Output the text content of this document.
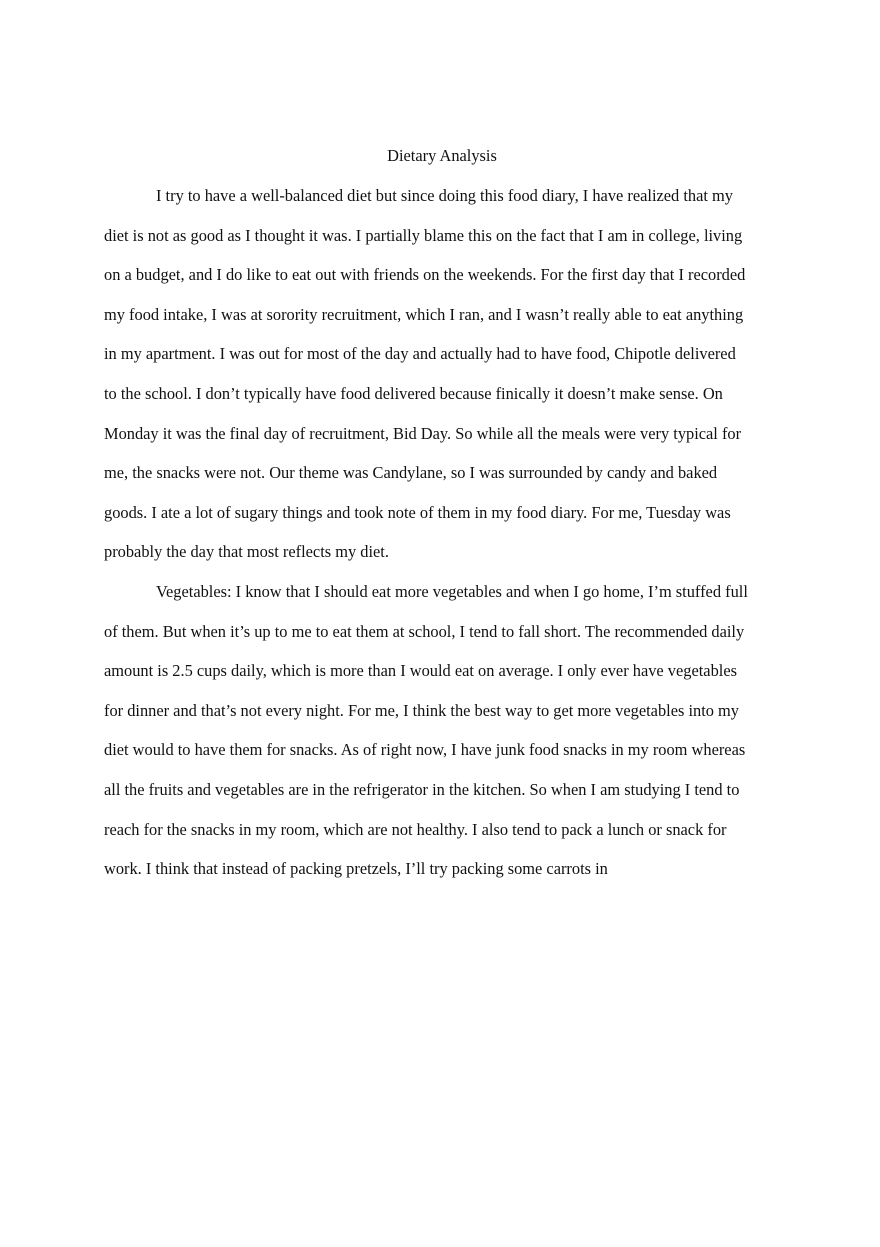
Dietary Analysis
I try to have a well-balanced diet but since doing this food diary, I have realized that my
diet is not as good as I thought it was. I partially blame this on the fact that I am in college, living
on a budget, and I do like to eat out with friends on the weekends. For the first day that I recorded
my food intake, I was at sorority recruitment, which I ran, and I wasn’t really able to eat anything
in my apartment. I was out for most of the day and actually had to have food, Chipotle delivered
to the school. I don’t typically have food delivered because finically it doesn’t make sense. On
Monday it was the final day of recruitment, Bid Day. So while all the meals were very typical for
me, the snacks were not. Our theme was Candylane, so I was surrounded by candy and baked
goods. I ate a lot of sugary things and took note of them in my food diary. For me, Tuesday was
probably the day that most reflects my diet.
Vegetables: I know that I should eat more vegetables and when I go home, I’m stuffed full
of them. But when it’s up to me to eat them at school, I tend to fall short. The recommended daily
amount is 2.5 cups daily, which is more than I would eat on average. I only ever have vegetables
for dinner and that’s not every night. For me, I think the best way to get more vegetables into my
diet would to have them for snacks. As of right now, I have junk food snacks in my room whereas
all the fruits and vegetables are in the refrigerator in the kitchen. So when I am studying I tend to
reach for the snacks in my room, which are not healthy. I also tend to pack a lunch or snack for
work. I think that instead of packing pretzels, I’ll try packing some carrots in
